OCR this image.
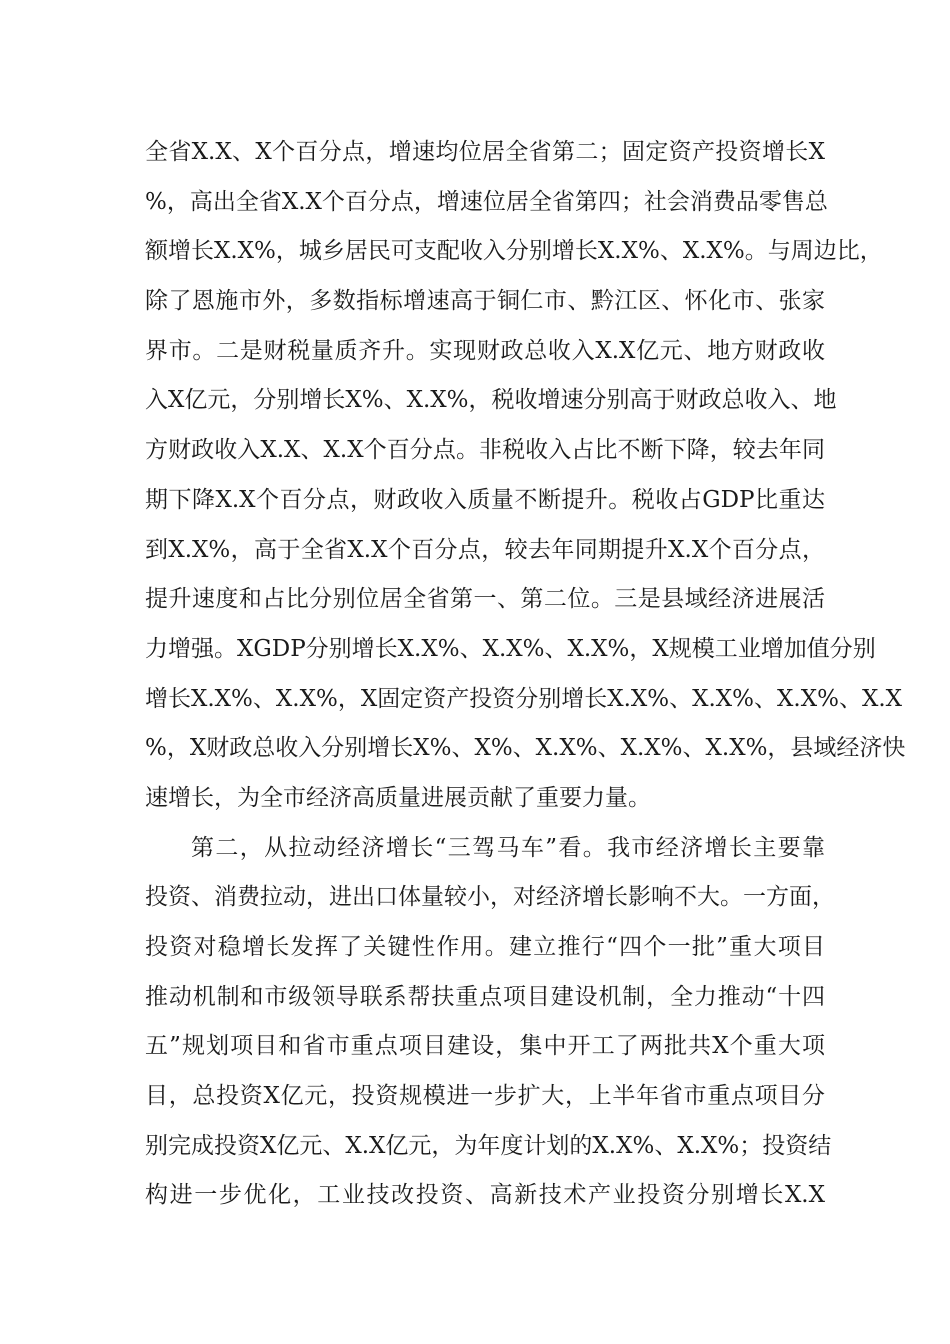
全省X.X、X个百分点，增速均位居全省第二；固定资产投资增长X
%，高出全省X.X个百分点，增速位居全省第四；社会消费品零售总
额增长X.X%，城乡居民可支配收入分别增长X.X%、X.X%。与周边比，
除了恩施市外，多数指标增速高于铜仁市、黔江区、怀化市、张家
界市。二是财税量质齐升。实现财政总收入X.X亿元、地方财政收
入X亿元，分别增长X%、X.X%，税收增速分别高于财政总收入、地
方财政收入X.X、X.X个百分点。非税收入占比不断下降，较去年同
期下降X.X个百分点，财政收入质量不断提升。税收占GDP比重达
到X.X%，高于全省X.X个百分点，较去年同期提升X.X个百分点，
提升速度和占比分别位居全省第一、第二位。三是县域经济进展活
力增强。XGDP分别增长X.X%、X.X%、X.X%，X规模工业增加值分别
增长X.X%、X.X%，X固定资产投资分别增长X.X%、X.X%、X.X%、X.X
%，X财政总收入分别增长X%、X%、X.X%、X.X%、X.X%，县域经济快
速增长，为全市经济高质量进展贡献了重要力量。
第二，从拉动经济增长“三驾马车”看。我市经济增长主要靠
投资、消费拉动，进出口体量较小，对经济增长影响不大。一方面，
投资对稳增长发挥了关键性作用。建立推行“四个一批”重大项目
推动机制和市级领导联系帮扶重点项目建设机制，全力推动“十四
五”规划项目和省市重点项目建设，集中开工了两批共X个重大项
目，总投资X亿元，投资规模进一步扩大，上半年省市重点项目分
别完成投资X亿元、X.X亿元，为年度计划的X.X%、X.X%；投资结
构进一步优化，工业技改投资、高新技术产业投资分别增长X.X
